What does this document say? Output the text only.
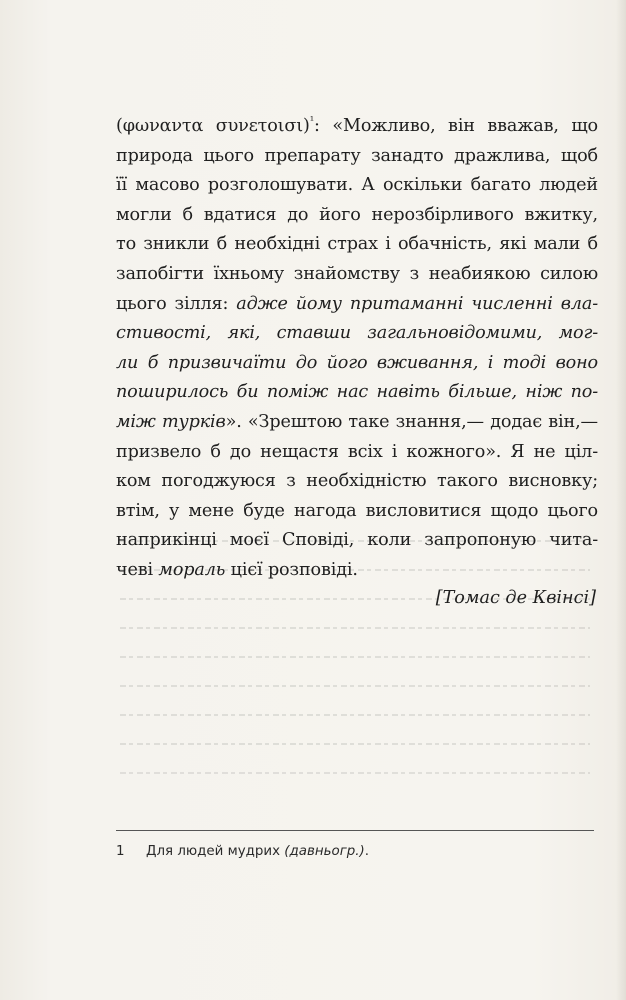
(φωναντα συνετοισι)$^{^1}$: «Можливо, він вважав, що
природа цього препарату занадто дражлива, щоб
її масово розголошувати. А оскільки багато людей
могли б вдатися до його нерозбірливого вжитку,
то зникли б необхідні страх і обачність, які мали б
запобігти їхньому знайомству з неабиякою силою
цього зілля: адже йому притаманні численні вла-
стивості, які, ставши загальновідомими, мог-
ли б призвичаїти до його вживання, і тоді воно
поширилось би поміж нас навіть більше, ніж по-
між турків». «Зрештою таке знання,— додає він,—
призвело б до нещастя всіх і кожного». Я не ціл-
ком погоджуюся з необхідністю такого висновку;
втім, у мене буде нагода висловитися щодо цього
наприкінці моєї Сповіді, коли запропоную чита-
чеві мораль цієї розповіді.
[Томас де Квінсі]
1 Для людей мудрих (давньогр.).
